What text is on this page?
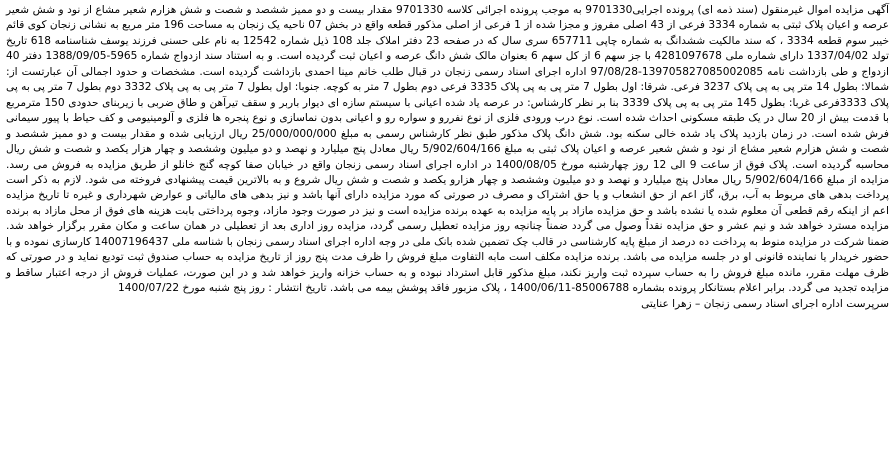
آگهی مزایده اموال غیرمنقول (سند ذمه ای) پرونده اجرایی9701330 به موجب پرونده اجرائی کلاسه 9701330 مقدار بیست و دو ممیز ششصد و شصت و شش هزارم شعیر مشاع از نود و شش شعیر عرصه و اعیان پلاک ثبتی به شماره 3334 فرعی از 43 اصلی مفروز و مجزا شده از 1 فرعی از اصلی مذکور قطعه واقع در بخش 07 ناحیه یک زنجان به مساحت 196 متر مربع به نشانی زنجان کوی قائم خیبر سوم قطعه 3334 ، که سند مالکیت ششدانگ به شماره چاپی 657711 سری سال که در صفحه 23 دفتر املاک جلد 108 ذیل شماره 12542 به نام علی حسنی فرزند یوسف شناسنامه 618 تاریخ تولد 1337/04/02 دارای شماره ملی 4281097678 با جز سهم 6 از کل سهم 6 بعنوان مالک شش دانگ عرصه و اعیان ثبت گردیده است. و به استناد سند ازدواج شماره 5965-1388/09/05 دفتر 40 ازدواج و طی بازداشت نامه 139705827085002085-97/08/28 اداره اجرای اسناد رسمی زنجان در قبال طلب خانم مینا احمدی بازداشت گردیده است. مشخصات و حدود اجمالی آن عبارتست از: شمالا: بطول 14 متر پی به پی پلاک 3237 فرعی. شرقا: اول بطول 7 متر پی به پی پلاک 3335 فرعی دوم بطول 7 متر به کوچه. جنوبا: اول بطول 7 متر پی به پی پلاک 3332 دوم بطول 7 متر پی به پی پلاک 3333فرعی غربا: بطول 145 متر پی به پی پلاک 3339 بنا بر نظر کارشناس: در عرصه یاد شده اعیانی با سیستم سازه ای دیوار باربر و سقف تیرآهن و طاق ضربی با زیربنای حدودی 150 مترمربع با قدمت بیش از 20 سال در یک طبقه مسکونی احداث شده است. نوع درب ورودی فلزی از نوع نفررو و سواره رو و اعیانی بدون نماسازی و نوع پنجره ها فلزی و آلومینیومی و کف حیاط با پیور سیمانی فرش شده است. در زمان بازدید پلاک یاد شده خالی سکنه بود. شش دانگ پلاک مذکور طبق نظر کارشناس رسمی به مبلغ 25/000/000/000 ریال ارزیابی شده و مقدار بیست و دو ممیز ششصد و شصت و شش هزارم شعیر مشاع از نود و شش شعیر عرصه و اعیان پلاک ثبتی به مبلغ 5/902/604/166 ریال معادل پنج میلیارد و نهصد و دو میلیون وششصد و چهار هزار یکصد و شصت و شش ریال محاسبه گردیده است. پلاک فوق از ساعت 9 الی 12 روز چهارشنبه مورخ 1400/08/05 در اداره اجرای اسناد رسمی زنجان واقع در خیابان صفا کوچه گنج خانلو از طریق مزایده به فروش می رسد. مزایده از مبلغ 5/902/604/166 ریال معادل پنج میلیارد و نهصد و دو میلیون وششصد و چهار هزارو یکصد و شصت و شش ریال شروع و به بالاترین قیمت پیشنهادی فروخته می شود. لازم به ذکر است پرداخت بدهی های مربوط به آب، برق، گاز اعم از حق انشعاب و یا حق اشتراک و مصرف در صورتی که مورد مزایده دارای آنها باشد و نیز بدهی های مالیاتی و عوارض شهرداری و غیره تا تاریخ مزایده اعم از اینکه رقم قطعی آن معلوم شده یا نشده باشد و حق مزایده مازاد بر پایه مزایده به عهده برنده مزایده است و نیز در صورت وجود مازاد، وجوه پرداختی بابت هزینه های فوق از محل مازاد به برنده مزایده مسترد خواهد شد و نیم عشر و حق مزایده نقداً وصول می گردد ضمناً چنانچه روز مزایده تعطیل رسمی گردد، مزایده روز اداری بعد از تعطیلی در همان ساعت و مکان مقرر برگزار خواهد شد. ضمنا شرکت در مزایده منوط به پرداخت ده درصد از مبلغ پایه کارشناسی در قالب چک تضمین شده بانک ملی در وجه اداره اجرای اسناد رسمی زنجان با شناسه ملی 14007196437 کارسازی نموده و با حضور خریدار یا نماینده قانونی او در جلسه مزایده می باشد. برنده مزایده مکلف است مابه التفاوت مبلغ فروش را ظرف مدت پنج روز از تاریخ مزایده به حساب صندوق ثبت تودیع نماید و در صورتی که ظرف مهلت مقرر، مانده مبلغ فروش را به حساب سپرده ثبت واریز نکند، مبلغ مذکور قابل استرداد نبوده و به حساب خزانه واریز خواهد شد و در این صورت، عملیات فروش از درجه اعتبار ساقط و مزایده تجدید می گردد. برابر اعلام بستانکار پرونده بشماره 85006788-1400/06/11 ، پلاک مزبور فاقد پوشش بیمه می باشد. تاریخ انتشار : روز پنج شنبه مورخ 1400/07/22

سرپرست اداره اجرای اسناد رسمی زنجان – زهرا عنایتی
